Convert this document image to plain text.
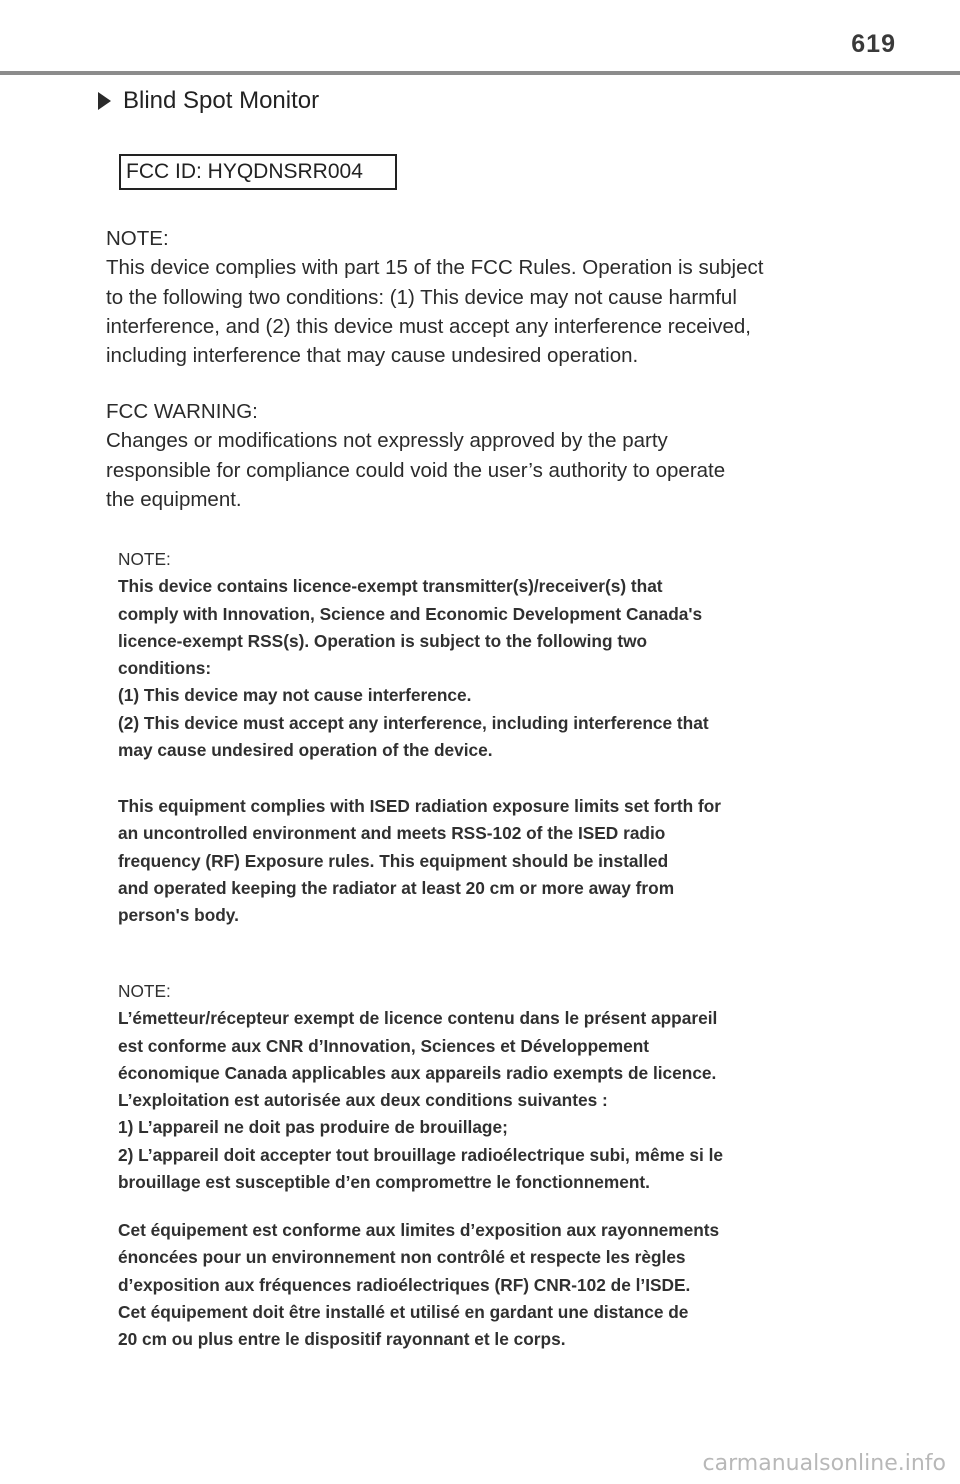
619
Blind Spot Monitor
FCC ID: HYQDNSRR004

NOTE:

This device complies with part 15 of the FCC Rules. Operation is subject

to the following two conditions: (1) This device may not cause harmful

interference, and (2) this device must accept any interference received,

including interference that may cause undesired operation.

FCC WARNING:

Changes or modifications not expressly approved by the party

responsible for compliance could void the user’s authority to operate

the equipment.

NOTE:

This device contains licence-exempt transmitter(s)/receiver(s) that

comply with Innovation, Science and Economic Development Canada's

licence-exempt RSS(s). Operation is subject to the following two

conditions:

(1) This device may not cause interference.

(2) This device must accept any interference, including interference that

may cause undesired operation of the device.

This equipment complies with ISED radiation exposure limits set forth for

an uncontrolled environment and meets RSS-102 of the ISED radio

frequency (RF) Exposure rules. This equipment should be installed

and operated keeping the radiator at least 20 cm or more away from

person's body.

NOTE:

L’émetteur/récepteur exempt de licence contenu dans le présent appareil

est conforme aux CNR d’Innovation, Sciences et Développement

économique Canada applicables aux appareils radio exempts de licence.

L’exploitation est autorisée aux deux conditions suivantes :

1) L’appareil ne doit pas produire de brouillage;

2) L’appareil doit accepter tout brouillage radioélectrique subi, même si le

brouillage est susceptible d’en compromettre le fonctionnement.

Cet équipement est conforme aux limites d’exposition aux rayonnements

énoncées pour un environnement non contrôlé et respecte les règles

d’exposition aux fréquences radioélectriques (RF) CNR-102 de l’ISDE.

Cet équipement doit être installé et utilisé en gardant une distance de

20 cm ou plus entre le dispositif rayonnant et le corps.

carmanualsonline.info
